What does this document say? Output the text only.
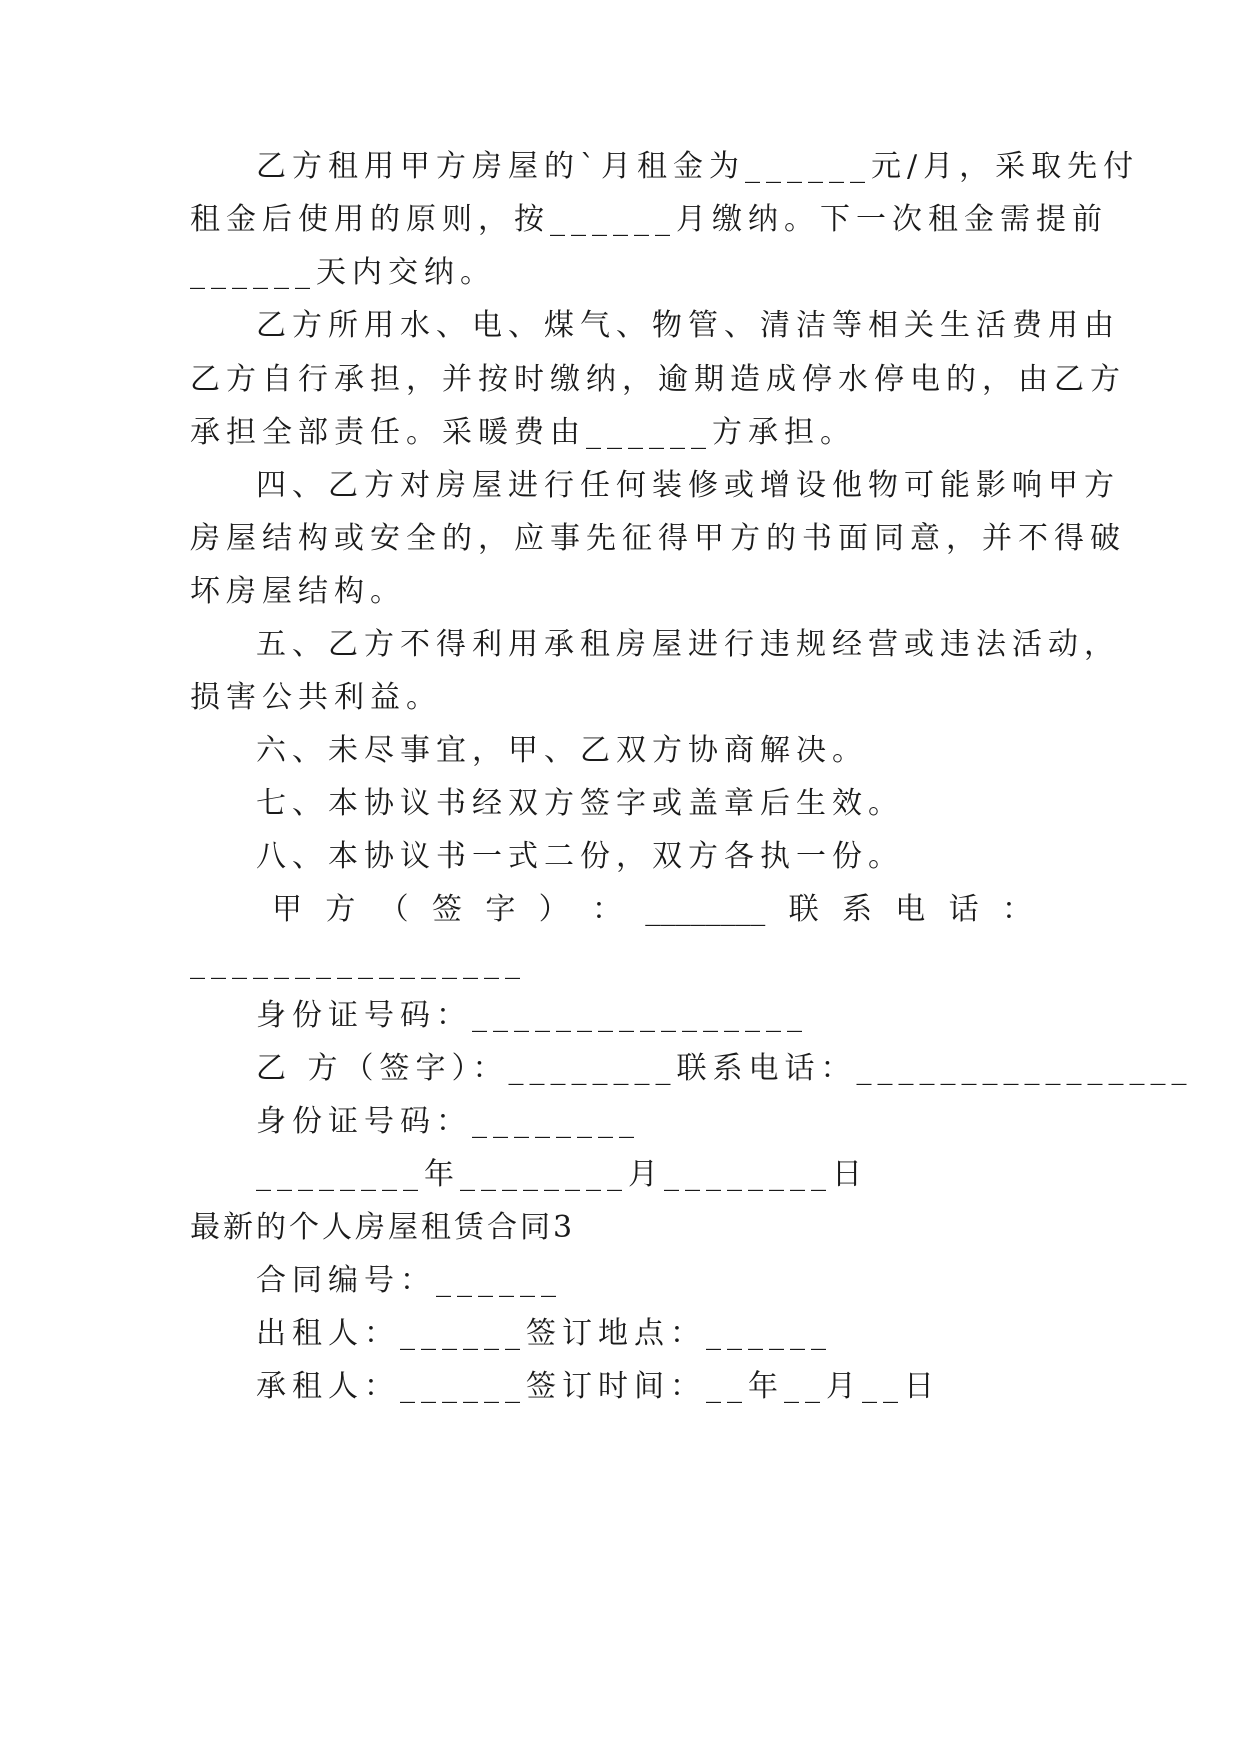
乙方租用甲方房屋的`月租金为______元/月，采取先付
租金后使用的原则，按______月缴纳。下一次租金需提前
______天内交纳。
乙方所用水、电、煤气、物管、清洁等相关生活费用由
乙方自行承担，并按时缴纳，逾期造成停水停电的，由乙方
承担全部责任。采暖费由______方承担。
四、乙方对房屋进行任何装修或增设他物可能影响甲方
房屋结构或安全的，应事先征得甲方的书面同意，并不得破
坏房屋结构。
五、乙方不得利用承租房屋进行违规经营或违法活动，
损害公共利益。
六、未尽事宜，甲、乙双方协商解决。
七、本协议书经双方签字或盖章后生效。
八、本协议书一式二份，双方各执一份。
甲 方 （ 签 字 ） ： ________ 联 系 电 话 ：
________________
身份证号码：________________
乙 方（签字）：________联系电话：________________
身份证号码：________
________年________月________日
最新的个人房屋租赁合同3
合同编号：______
出租人：______签订地点：______
承租人：______签订时间：__年__月__日
